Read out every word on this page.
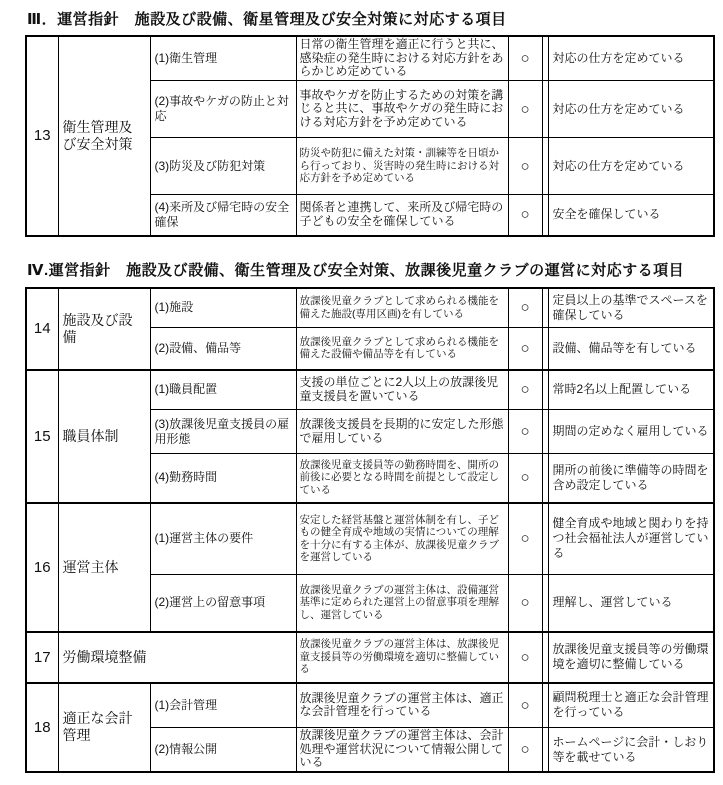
Ⅲ．運営指針　施設及び設備、衛星管理及び安全対策に対応する項目
13	衛生管理及び安全対策	(1)衛生管理	日常の衛生管理を適正に行うと共に、感染症の発生時における対応方針をあらかじめ定めている	○		対応の仕方を定めている
		(2)事故やケガの防止と対応	事故やケガを防止するための対策を講じると共に、事故やケガの発生時における対応方針を予め定めている	○		対応の仕方を定めている
		(3)防災及び防犯対策	防災や防犯に備えた対策・訓練等を日頃から行っており、災害時の発生時における対応方針を予め定めている	○		対応の仕方を定めている
		(4)来所及び帰宅時の安全確保	関係者と連携して、来所及び帰宅時の子どもの安全を確保している	○		安全を確保している
Ⅳ.運営指針　施設及び設備、衛生管理及び安全対策、放課後児童クラブの運営に対応する項目
14	施設及び設備	(1)施設	放課後児童クラブとして求められる機能を備えた施設(専用区画)を有している	○		定員以上の基準でスペースを確保している
		(2)設備、備品等	放課後児童クラブとして求められる機能を備えた設備や備品等を有している	○		設備、備品等を有している
15	職員体制	(1)職員配置	支援の単位ごとに2人以上の放課後児童支援員を置いている	○		常時2名以上配置している
		(3)放課後児童支援員の雇用形態	放課後支援員を長期的に安定した形態で雇用している	○		期間の定めなく雇用している
		(4)勤務時間	放課後児童支援員等の勤務時間を、開所の前後に必要となる時間を前提として設定している	○		開所の前後に準備等の時間を含め設定している
16	運営主体	(1)運営主体の要件	安定した経営基盤と運営体制を有し、子どもの健全育成や地域の実情についての理解を十分に有する主体が、放課後児童クラブを運営している	○		健全育成や地域と関わりを持つ社会福祉法人が運営している
		(2)運営上の留意事項	放課後児童クラブの運営主体は、設備運営基準に定められた運営上の留意事項を理解し、運営している	○		理解し、運営している
17	労働環境整備		放課後児童クラブの運営主体は、放課後児童支援員等の労働環境を適切に整備している	○		放課後児童支援員等の労働環境を適切に整備している
18	適正な会計管理	(1)会計管理	放課後児童クラブの運営主体は、適正な会計管理を行っている	○		顧問税理士と適正な会計管理を行っている
		(2)情報公開	放課後児童クラブの運営主体は、会計処理や運営状況について情報公開している	○		ホームページに会計・しおり等を載せている
